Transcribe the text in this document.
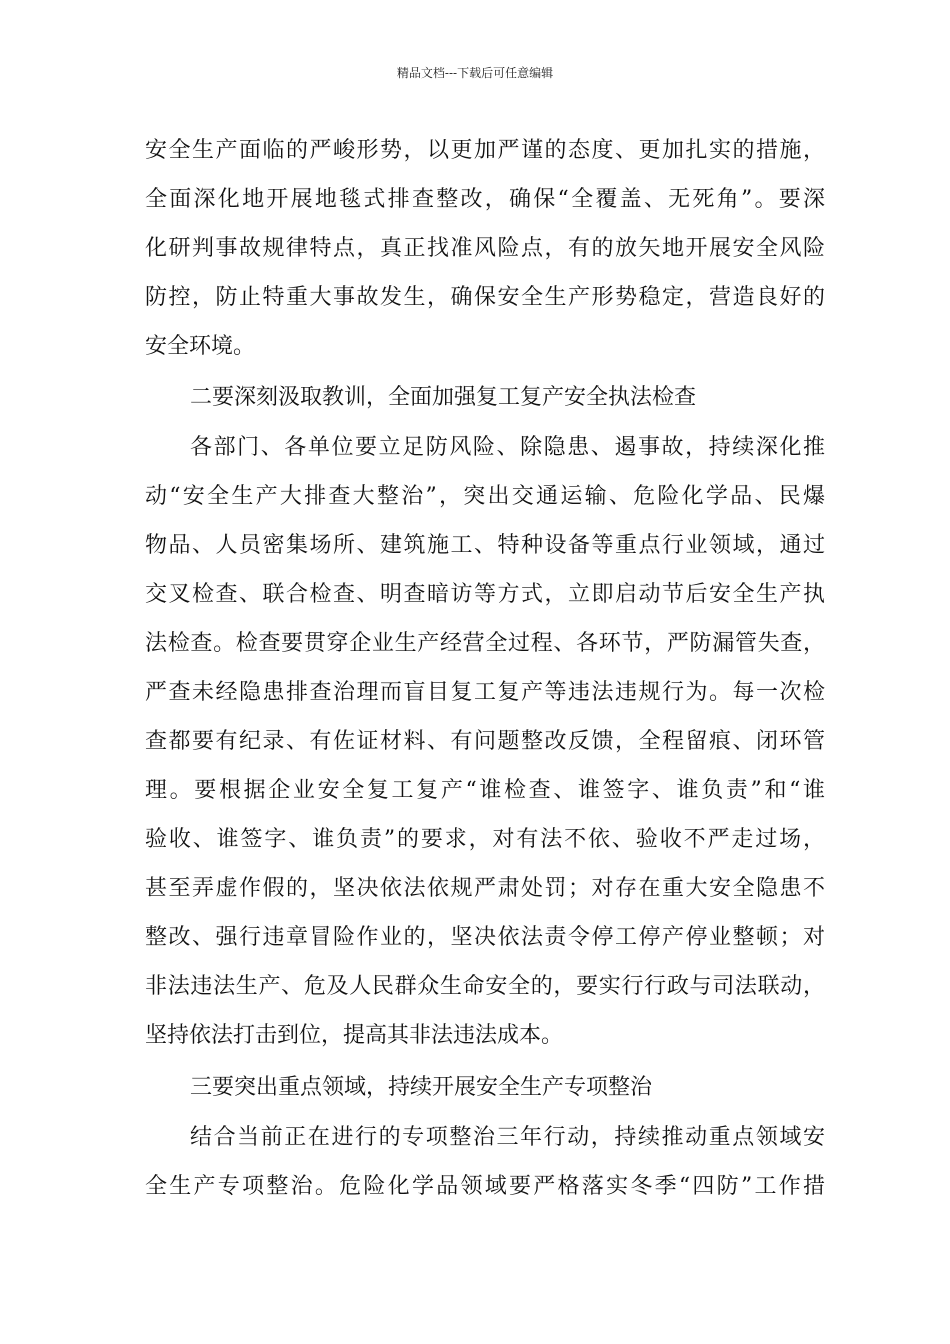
精品文档---下载后可任意编辑
安全生产面临的严峻形势，以更加严谨的态度、更加扎实的措施，
全面深化地开展地毯式排查整改，确保“全覆盖、无死角”。要深
化研判事故规律特点，真正找准风险点，有的放矢地开展安全风险
防控，防止特重大事故发生，确保安全生产形势稳定，营造良好的
安全环境。
二要深刻汲取教训，全面加强复工复产安全执法检查
各部门、各单位要立足防风险、除隐患、遏事故，持续深化推
动“安全生产大排查大整治”，突出交通运输、危险化学品、民爆
物品、人员密集场所、建筑施工、特种设备等重点行业领域，通过
交叉检查、联合检查、明查暗访等方式，立即启动节后安全生产执
法检查。检查要贯穿企业生产经营全过程、各环节，严防漏管失查，
严查未经隐患排查治理而盲目复工复产等违法违规行为。每一次检
查都要有纪录、有佐证材料、有问题整改反馈，全程留痕、闭环管
理。要根据企业安全复工复产“谁检查、谁签字、谁负责”和“谁
验收、谁签字、谁负责”的要求，对有法不依、验收不严走过场，
甚至弄虚作假的，坚决依法依规严肃处罚；对存在重大安全隐患不
整改、强行违章冒险作业的，坚决依法责令停工停产停业整顿；对
非法违法生产、危及人民群众生命安全的，要实行行政与司法联动，
坚持依法打击到位，提高其非法违法成本。
三要突出重点领域，持续开展安全生产专项整治
结合当前正在进行的专项整治三年行动，持续推动重点领域安
全生产专项整治。危险化学品领域要严格落实冬季“四防”工作措
